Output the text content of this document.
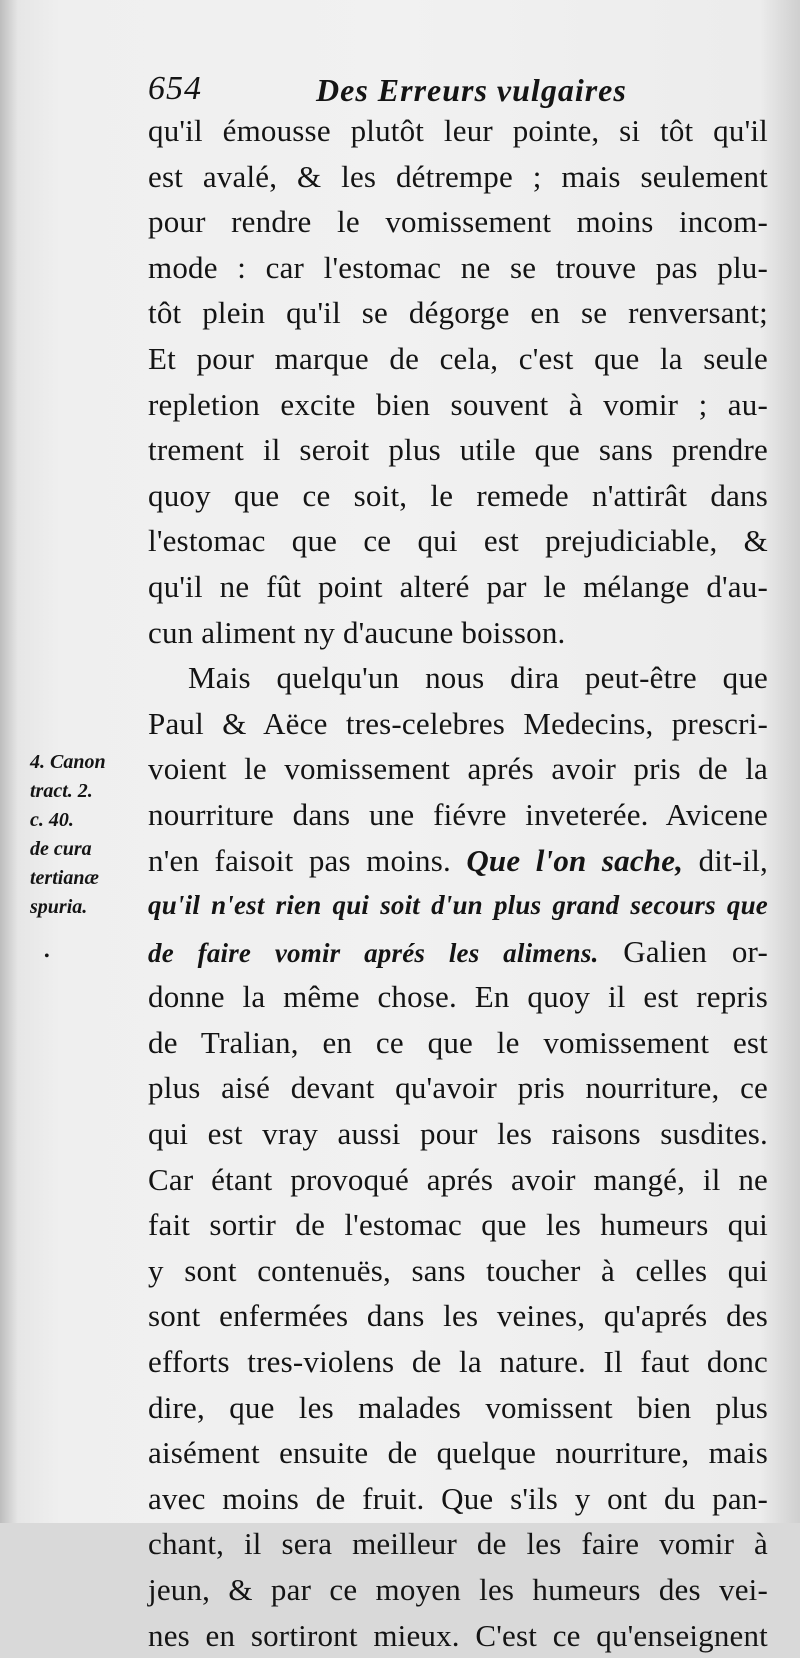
654	Des Erreurs vulgaires
4. Canon
tract. 2.
c. 40.
de cura
tertianæ
spuria.
•
qu'il émousse plutôt leur pointe, si tôt qu'il
est avalé, & les détrempe ; mais seulement
pour rendre le vomissement moins incom-
mode : car l'estomac ne se trouve pas plu-
tôt plein qu'il se dégorge en se renversant;
Et pour marque de cela, c'est que la seule
repletion excite bien souvent à vomir ; au-
trement il seroit plus utile que sans prendre
quoy que ce soit, le remede n'attirât dans
l'estomac que ce qui est prejudiciable, &
qu'il ne fût point alteré par le mélange d'au-
cun aliment ny d'aucune boisson.
Mais quelqu'un nous dira peut-être que
Paul & Aëce tres-celebres Medecins, prescri-
voient le vomissement aprés avoir pris de la
nourriture dans une fiévre inveterée. Avicene
n'en faisoit pas moins. Que l'on sache, dit-il,
qu'il n'est rien qui soit d'un plus grand secours que
de faire vomir aprés les alimens. Galien or-
donne la même chose. En quoy il est repris
de Tralian, en ce que le vomissement est
plus aisé devant qu'avoir pris nourriture, ce
qui est vray aussi pour les raisons susdites.
Car étant provoqué aprés avoir mangé, il ne
fait sortir de l'estomac que les humeurs qui
y sont contenuës, sans toucher à celles qui
sont enfermées dans les veines, qu'aprés des
efforts tres-violens de la nature. Il faut donc
dire, que les malades vomissent bien plus
aisément ensuite de quelque nourriture, mais
avec moins de fruit. Que s'ils y ont du pan-
chant, il sera meilleur de les faire vomir à
jeun, & par ce moyen les humeurs des vei-
nes en sortiront mieux. C'est ce qu'enseignent
